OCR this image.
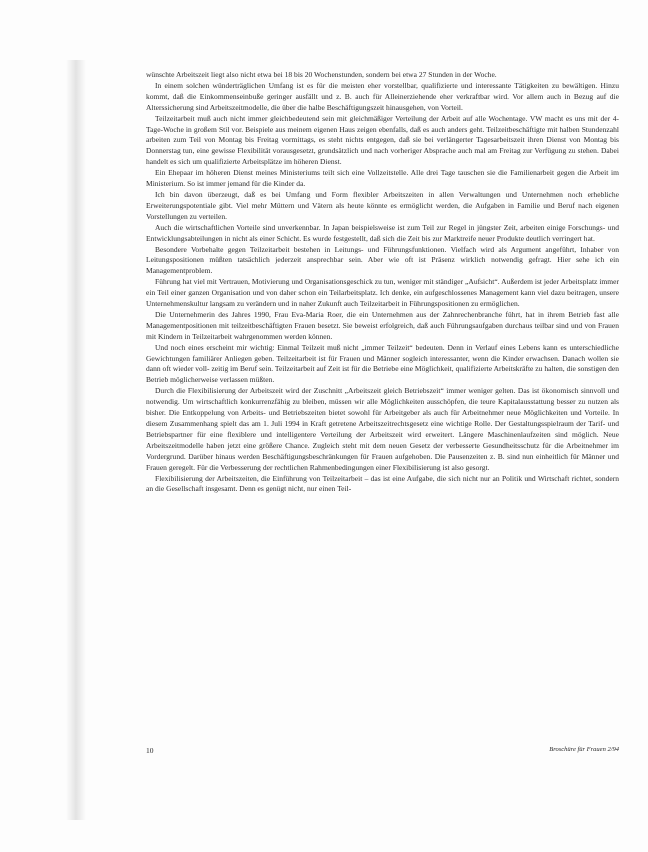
wünschte Arbeitszeit liegt also nicht etwa bei 18 bis 20 Wochenstunden, sondern bei etwa 27 Stunden in der Woche.

In einem solchen wünderträglichen Umfang ist es für die meisten eher vorstellbar, qualifizierte und interessante Tätigkeiten zu bewältigen. Hinzu kommt, daß die Einkommenseinbuße geringer ausfällt und z. B. auch für Alleinerziehende eher verkraftbar wird. Vor allem auch in Bezug auf die Alterssicherung sind Arbeitszeitmodelle, die über die halbe Beschäftigungszeit hinausgehen, von Vorteil.

Teilzeitarbeit muß auch nicht immer gleichbedeutend sein mit gleichmäßiger Verteilung der Arbeit auf alle Wochentage. VW macht es uns mit der 4-Tage-Woche in großem Stil vor. Beispiele aus meinem eigenen Haus zeigen ebenfalls, daß es auch anders geht. Teilzeitbeschäftigte mit halben Stundenzahl arbeiten zum Teil von Montag bis Freitag vormittags, es steht nichts entgegen, daß sie bei verlängerter Tagesarbeitszeit ihren Dienst von Montag bis Donnerstag tun, eine gewisse Flexibilität vorausgesetzt, grundsätzlich und nach vorheriger Absprache auch mal am Freitag zur Verfügung zu stehen. Dabei handelt es sich um qualifizierte Arbeitsplätze im höheren Dienst.

Ein Ehepaar im höheren Dienst meines Ministeriums teilt sich eine Vollzeitstelle. Alle drei Tage tauschen sie die Familienarbeit gegen die Arbeit im Ministerium. So ist immer jemand für die Kinder da.

Ich bin davon überzeugt, daß es bei Umfang und Form flexibler Arbeitszeiten in allen Verwaltungen und Unternehmen noch erhebliche Erweiterungspotentiale gibt. Viel mehr Müttern und Vätern als heute könnte es ermöglicht werden, die Aufgaben in Familie und Beruf nach eigenen Vorstellungen zu verteilen.

Auch die wirtschaftlichen Vorteile sind unverkennbar. In Japan beispielsweise ist zum Teil zur Regel in jüngster Zeit, arbeiten einige Forschungs- und Entwicklungsabteilungen in nicht als einer Schicht. Es wurde festgestellt, daß sich die Zeit bis zur Marktreife neuer Produkte deutlich verringert hat.

Besondere Vorbehalte gegen Teilzeitarbeit bestehen in Leitungs- und Führungsfunktionen. Vielfach wird als Argument angeführt, Inhaber von Leitungspositionen müßten tatsächlich jederzeit ansprechbar sein. Aber wie oft ist Präsenz wirklich notwendig gefragt. Hier sehe ich ein Managementproblem.

Führung hat viel mit Vertrauen, Motivierung und Organisationsgeschick zu tun, weniger mit ständiger „Aufsicht“. Außerdem ist jeder Arbeitsplatz immer ein Teil einer ganzen Organisation und von daher schon ein Teilarbeitsplatz. Ich denke, ein aufgeschlossenes Management kann viel dazu beitragen, unsere Unternehmenskultur langsam zu verändern und in naher Zukunft auch Teilzeitarbeit in Führungspositionen zu ermöglichen.

Die Unternehmerin des Jahres 1990, Frau Eva-Maria Roer, die ein Unternehmen aus der Zahnrechenbranche führt, hat in ihrem Betrieb fast alle Managementpositionen mit teilzeitbeschäftigten Frauen besetzt. Sie beweist erfolgreich, daß auch Führungsaufgaben durchaus teilbar sind und von Frauen mit Kindern in Teilzeitarbeit wahrgenommen werden können.

Und noch eines erscheint mir wichtig: Einmal Teilzeit muß nicht „immer Teilzeit“ bedeuten. Denn in Verlauf eines Lebens kann es unterschiedliche Gewichtungen familiärer Anliegen geben. Teilzeitarbeit ist für Frauen und Männer sogleich interessanter, wenn die Kinder erwachsen. Danach wollen sie dann oft wieder voll- zeitig im Beruf sein. Teilzeitarbeit auf Zeit ist für die Betriebe eine Möglichkeit, qualifizierte Arbeitskräfte zu halten, die sonstigen den Betrieb möglicherweise verlassen müßten.

Durch die Flexibilisierung der Arbeitszeit wird der Zuschnitt „Arbeitszeit gleich Betriebszeit“ immer weniger gelten. Das ist ökonomisch sinnvoll und notwendig. Um wirtschaftlich konkurrenzfähig zu bleiben, müssen wir alle Möglichkeiten ausschöpfen, die teure Kapitalausstattung besser zu nutzen als bisher. Die Entkoppelung von Arbeits- und Betriebszeiten bietet sowohl für Arbeitgeber als auch für Arbeitnehmer neue Möglichkeiten und Vorteile. In diesem Zusammenhang spielt das am 1. Juli 1994 in Kraft getretene Arbeitszeitrechtsgesetz eine wichtige Rolle. Der Gestaltungsspielraum der Tarif- und Betriebspartner für eine flexiblere und intelligentere Verteilung der Arbeitszeit wird erweitert. Längere Maschinenlaufzeiten sind möglich. Neue Arbeitszeitmodelle haben jetzt eine größere Chance. Zugleich steht mit dem neuen Gesetz der verbesserte Gesundheitsschutz für die Arbeitnehmer im Vordergrund. Darüber hinaus werden Beschäftigungsbeschränkungen für Frauen aufgehoben. Die Pausenzeiten z. B. sind nun einheitlich für Männer und Frauen geregelt. Für die Verbesserung der rechtlichen Rahmenbedingungen einer Flexibilisierung ist also gesorgt.

Flexibilisierung der Arbeitszeiten, die Einführung von Teilzeitarbeit – das ist eine Aufgabe, die sich nicht nur an Politik und Wirtschaft richtet, sondern an die Gesellschaft insgesamt. Denn es genügt nicht, nur einen Teil-

10	Broschüre für Frauen 2/94
